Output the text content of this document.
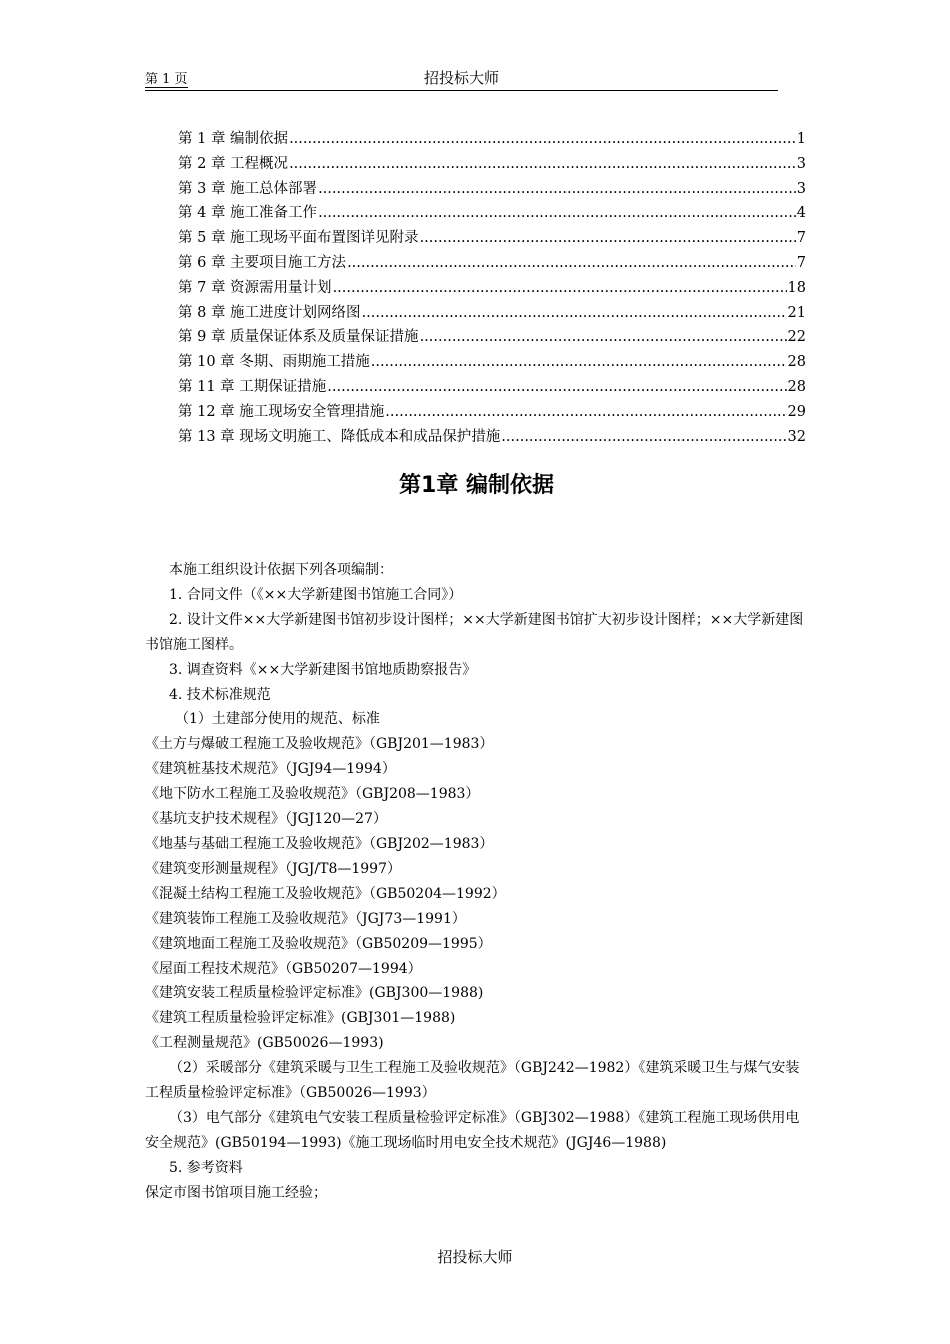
第 1 页	招投标大师
第 1 章 编制依据 .....	1
第 2 章 工程概况 .....	3
第 3 章 施工总体部署 .....	3
第 4 章 施工准备工作 .....	4
第 5 章 施工现场平面布置图详见附录 .....	7
第 6 章 主要项目施工方法 .....	7
第 7 章 资源需用量计划 .....	18
第 8 章 施工进度计划网络图 .....	21
第 9 章 质量保证体系及质量保证措施 .....	22
第 10 章 冬期、雨期施工措施 .....	28
第 11 章 工期保证措施 .....	28
第 12 章 施工现场安全管理措施 .....	29
第 13 章 现场文明施工、降低成本和成品保护措施 .....	32
第1章 编制依据

本施工组织设计依据下列各项编制：

1. 合同文件（《××大学新建图书馆施工合同》）

2. 设计文件××大学新建图书馆初步设计图样；××大学新建图书馆扩大初步设计图样；××大学新建图书馆施工图样。

3. 调查资料《××大学新建图书馆地质勘察报告》

4. 技术标准规范

（1）土建部分使用的规范、标准

《土方与爆破工程施工及验收规范》（GBJ201—1983）

《建筑桩基技术规范》（JGJ94—1994）

《地下防水工程施工及验收规范》（GBJ208—1983）

《基坑支护技术规程》（JGJ120—27）

《地基与基础工程施工及验收规范》（GBJ202—1983）

《建筑变形测量规程》（JGJ/T8—1997）

《混凝土结构工程施工及验收规范》（GB50204—1992）

《建筑装饰工程施工及验收规范》（JGJ73—1991）

《建筑地面工程施工及验收规范》（GB50209—1995）

《屋面工程技术规范》（GB50207—1994）

《建筑安装工程质量检验评定标准》(GBJ300—1988)

《建筑工程质量检验评定标准》(GBJ301—1988)

《工程测量规范》(GB50026—1993)

（2）采暖部分《建筑采暖与卫生工程施工及验收规范》（GBJ242—1982）《建筑采暖卫生与煤气安装工程质量检验评定标准》（GB50026—1993）

（3）电气部分《建筑电气安装工程质量检验评定标准》（GBJ302—1988）《建筑工程施工现场供用电安全规范》(GB50194—1993)《施工现场临时用电安全技术规范》(JGJ46—1988)

5. 参考资料

保定市图书馆项目施工经验；

招投标大师
